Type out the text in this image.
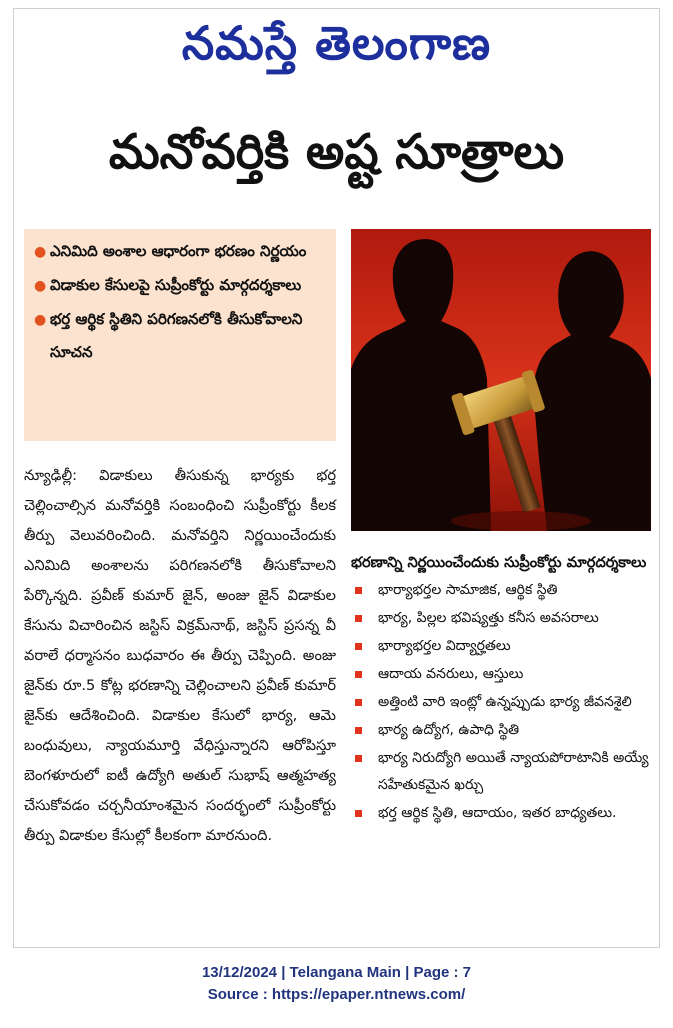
నమస్తే తెలంగాణ
మనోవర్తికి అష్ట సూత్రాలు
● ఎనిమిది అంశాల ఆధారంగా భరణం నిర్ణయం
● విడాకుల కేసులపై సుప్రీంకోర్టు మార్గదర్శకాలు
● భర్త ఆర్థిక స్థితిని పరిగణనలోకి తీసుకోవాలని సూచన

న్యూఢిల్లీ: విడాకులు తీసుకున్న భార్యకు భర్త చెల్లించాల్సిన మనోవర్తికి సంబంధించి సుప్రీంకోర్టు కీలక తీర్పు వెలువరించింది. మనోవర్తిని నిర్ణయించేందుకు ఎనిమిది అంశాలను పరిగణనలోకి తీసుకోవాలని పేర్కొన్నది. ప్రవీణ్ కుమార్ జైన్, అంజు జైన్ విడాకుల కేసును విచారించిన జస్టిస్ విక్రమ్‌నాథ్, జస్టిస్ ప్రసన్న వీ వరాలే ధర్మాసనం బుధవారం ఈ తీర్పు చెప్పింది. అంజు జైన్‌కు రూ.5 కోట్ల భరణాన్ని చెల్లించాలని ప్రవీణ్ కుమార్ జైన్‌కు ఆదేశించింది. విడాకుల కేసులో భార్య, ఆమె బంధువులు, న్యాయమూర్తి వేధిస్తున్నారని ఆరోపిస్తూ బెంగళూరులో ఐటీ ఉద్యోగి అతుల్ సుభాష్ ఆత్మహత్య చేసుకోవడం చర్చనీయాంశమైన సందర్భంలో సుప్రీంకోర్టు తీర్పు విడాకుల కేసుల్లో కీలకంగా మారనుంది.

భరణాన్ని నిర్ణయించేందుకు సుప్రీంకోర్టు మార్గదర్శకాలు
భార్యాభర్తల సామాజిక, ఆర్థిక స్థితి
భార్య, పిల్లల భవిష్యత్తు కనీస అవసరాలు
భార్యాభర్తల విద్యార్హతలు
ఆదాయ వనరులు, ఆస్తులు
అత్తింటి వారి ఇంట్లో ఉన్నప్పుడు భార్య జీవనశైలి
భార్య ఉద్యోగ, ఉపాధి స్థితి
భార్య నిరుద్యోగి అయితే న్యాయపోరాటానికి అయ్యే సహేతుకమైన ఖర్చు
భర్త ఆర్థిక స్థితి, ఆదాయం, ఇతర బాధ్యతలు.
13/12/2024 | Telangana Main | Page : 7
Source : https://epaper.ntnews.com/
